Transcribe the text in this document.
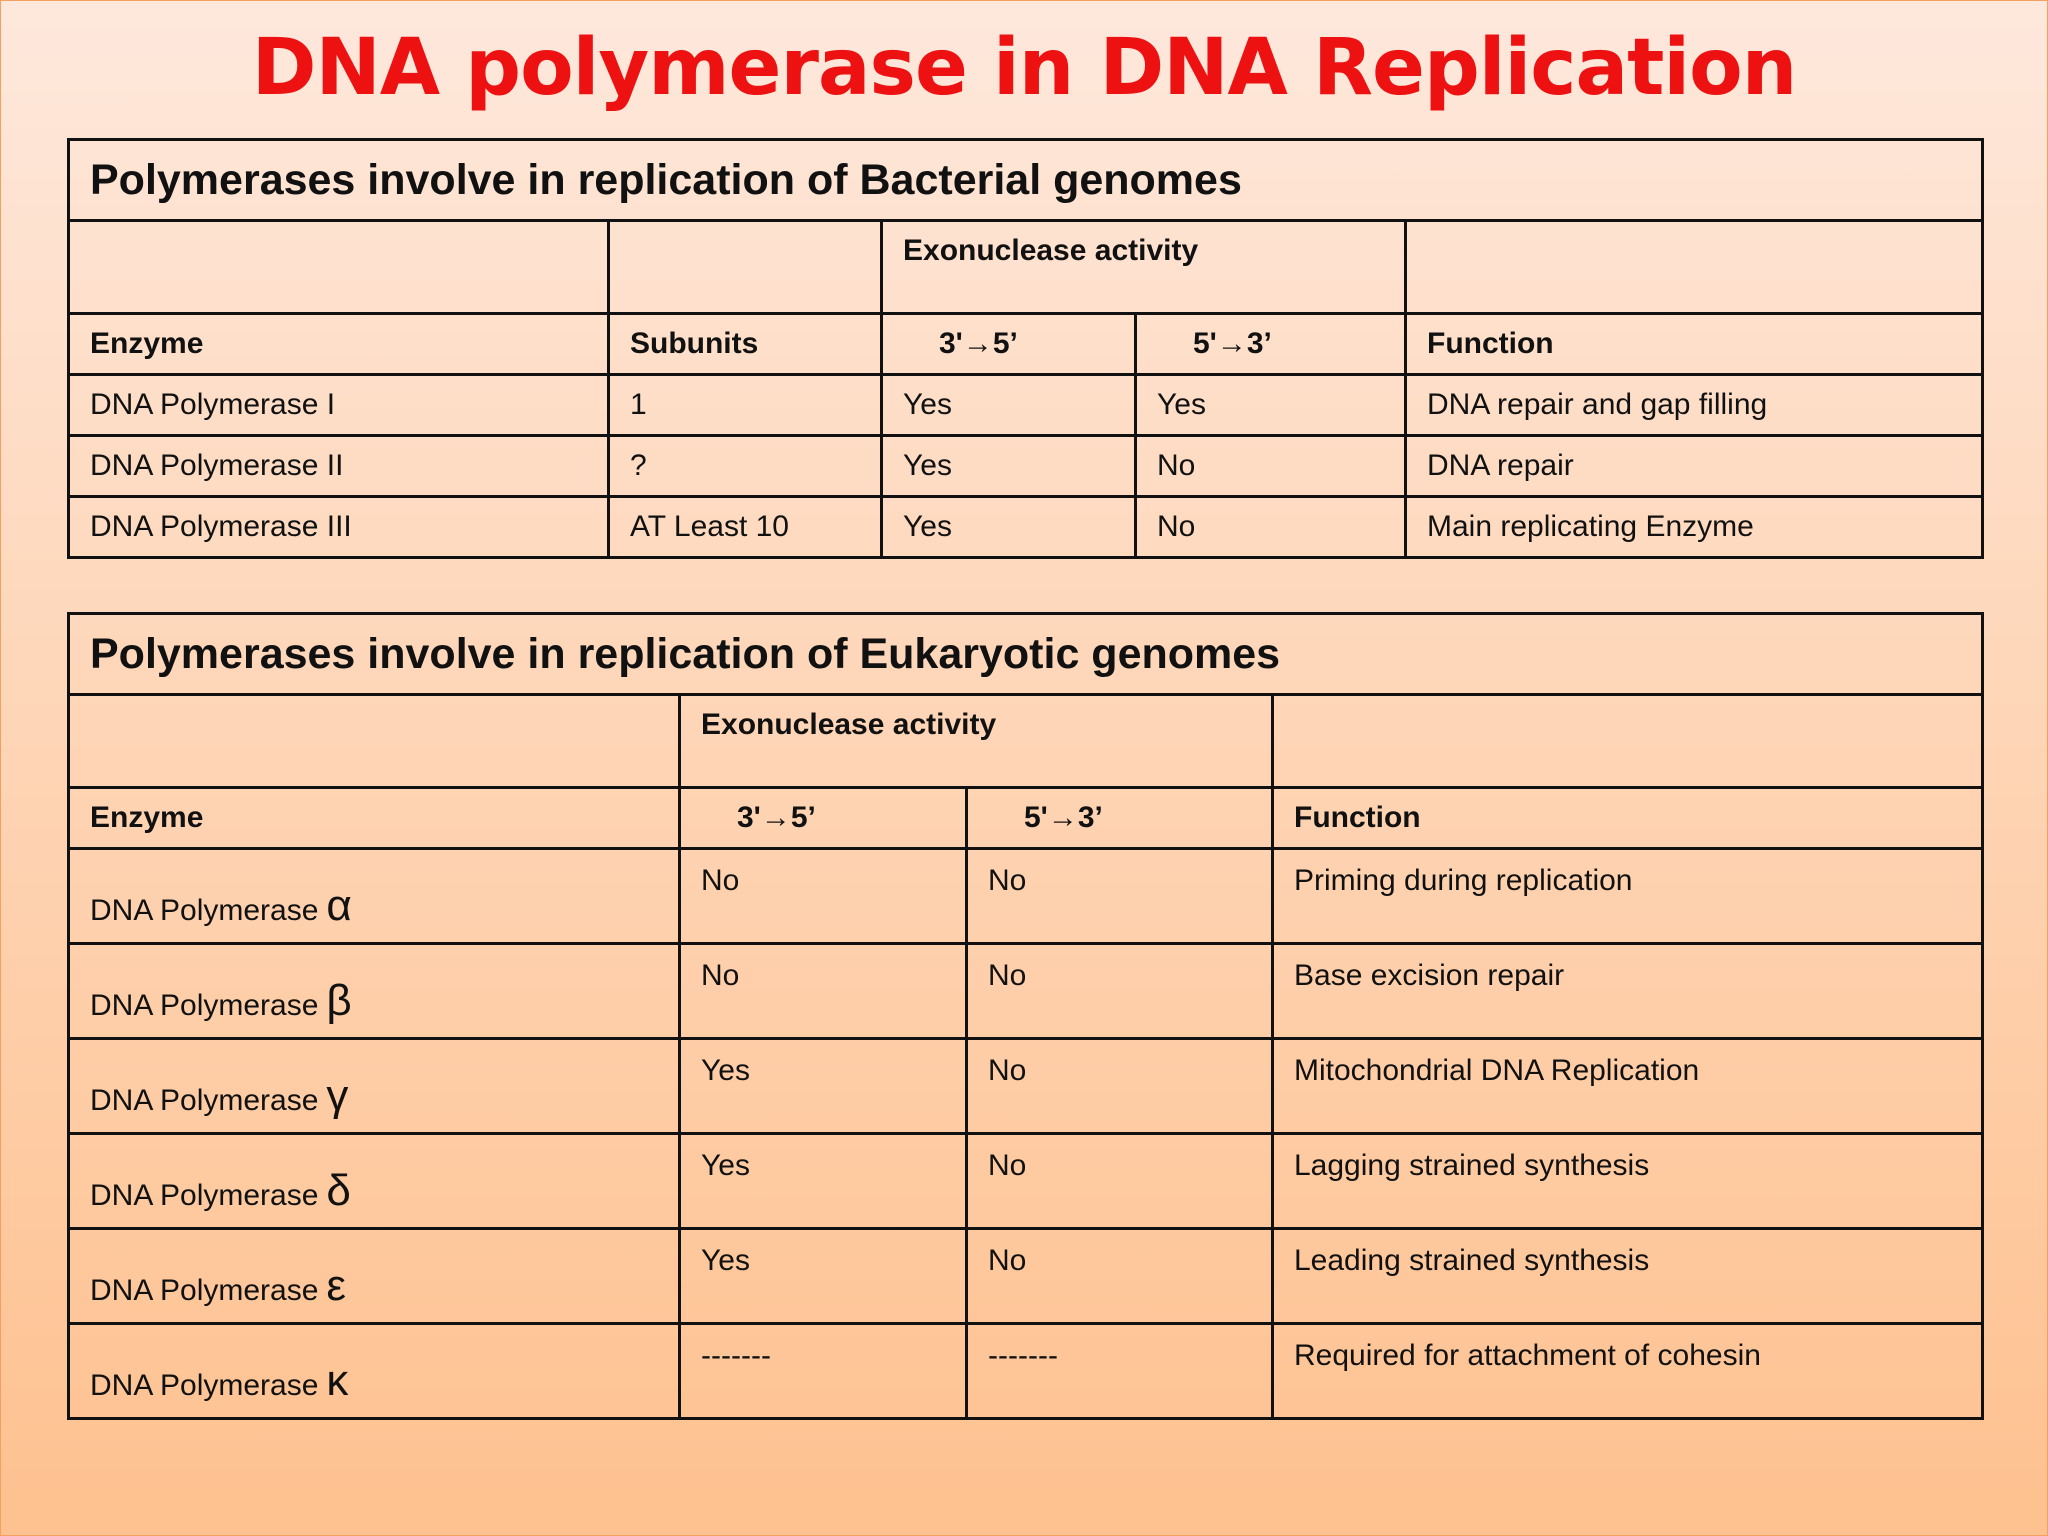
DNA polymerase in DNA Replication
Polymerases involve in replication of Bacterial genomes				
		Exonuclease activity		
Enzyme	Subunits	3'→5’	5'→3’	Function
DNA Polymerase I	1	Yes	Yes	DNA repair and gap filling
DNA Polymerase II	?	Yes	No	DNA repair
DNA Polymerase III	AT Least 10	Yes	No	Main replicating Enzyme
Polymerases involve in replication of Eukaryotic genomes			
	Exonuclease activity		
Enzyme	3'→5’	5'→3’	Function
DNA Polymerase α	No	No	Priming during replication
DNA Polymerase β	No	No	Base excision repair
DNA Polymerase γ	Yes	No	Mitochondrial DNA Replication
DNA Polymerase δ	Yes	No	Lagging strained synthesis
DNA Polymerase ε	Yes	No	Leading strained synthesis
DNA Polymerase κ	-------	-------	Required for attachment of cohesin
